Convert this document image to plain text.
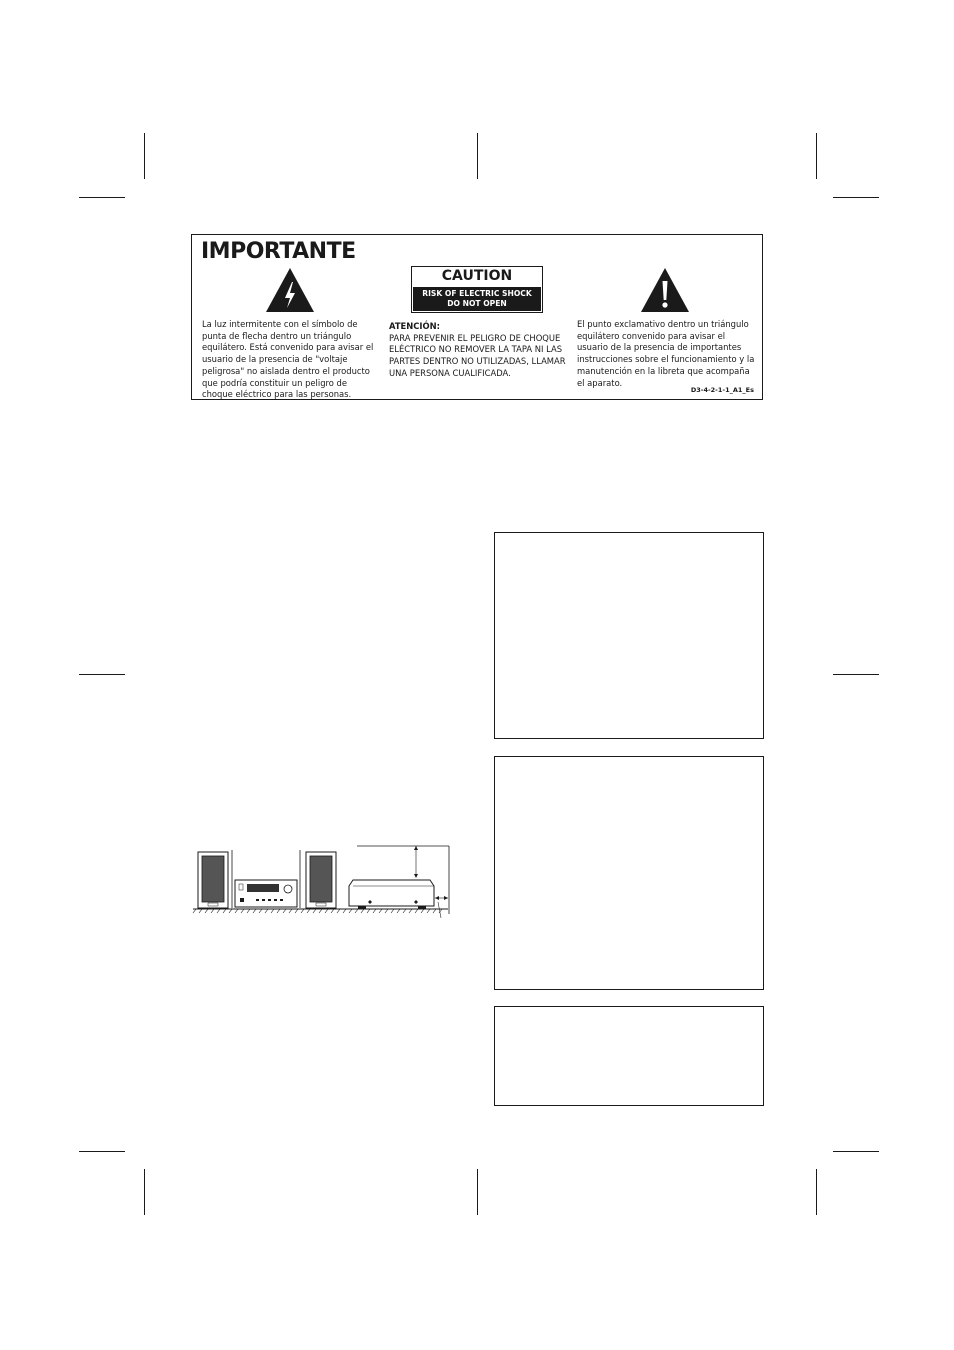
IMPORTANTE
CAUTION
RISK OF ELECTRIC SHOCK
DO NOT OPEN
La luz intermitente con el símbolo de punta de flecha dentro un triángulo equilátero. Está convenido para avisar el usuario de la presencia de "voltaje peligrosa" no aislada dentro el producto que podría constituir un peligro de choque eléctrico para las personas.
ATENCIÓN:
PARA PREVENIR EL PELIGRO DE CHOQUE ELÉCTRICO NO REMOVER LA TAPA NI LAS PARTES DENTRO NO UTILIZADAS, LLAMAR UNA PERSONA CUALIFICADA.
El punto exclamativo dentro un triángulo equilátero convenido para avisar el usuario de la presencia de importantes instrucciones sobre el funcionamiento y la manutención en la libreta que acompaña el aparato.
D3-4-2-1-1_A1_Es
